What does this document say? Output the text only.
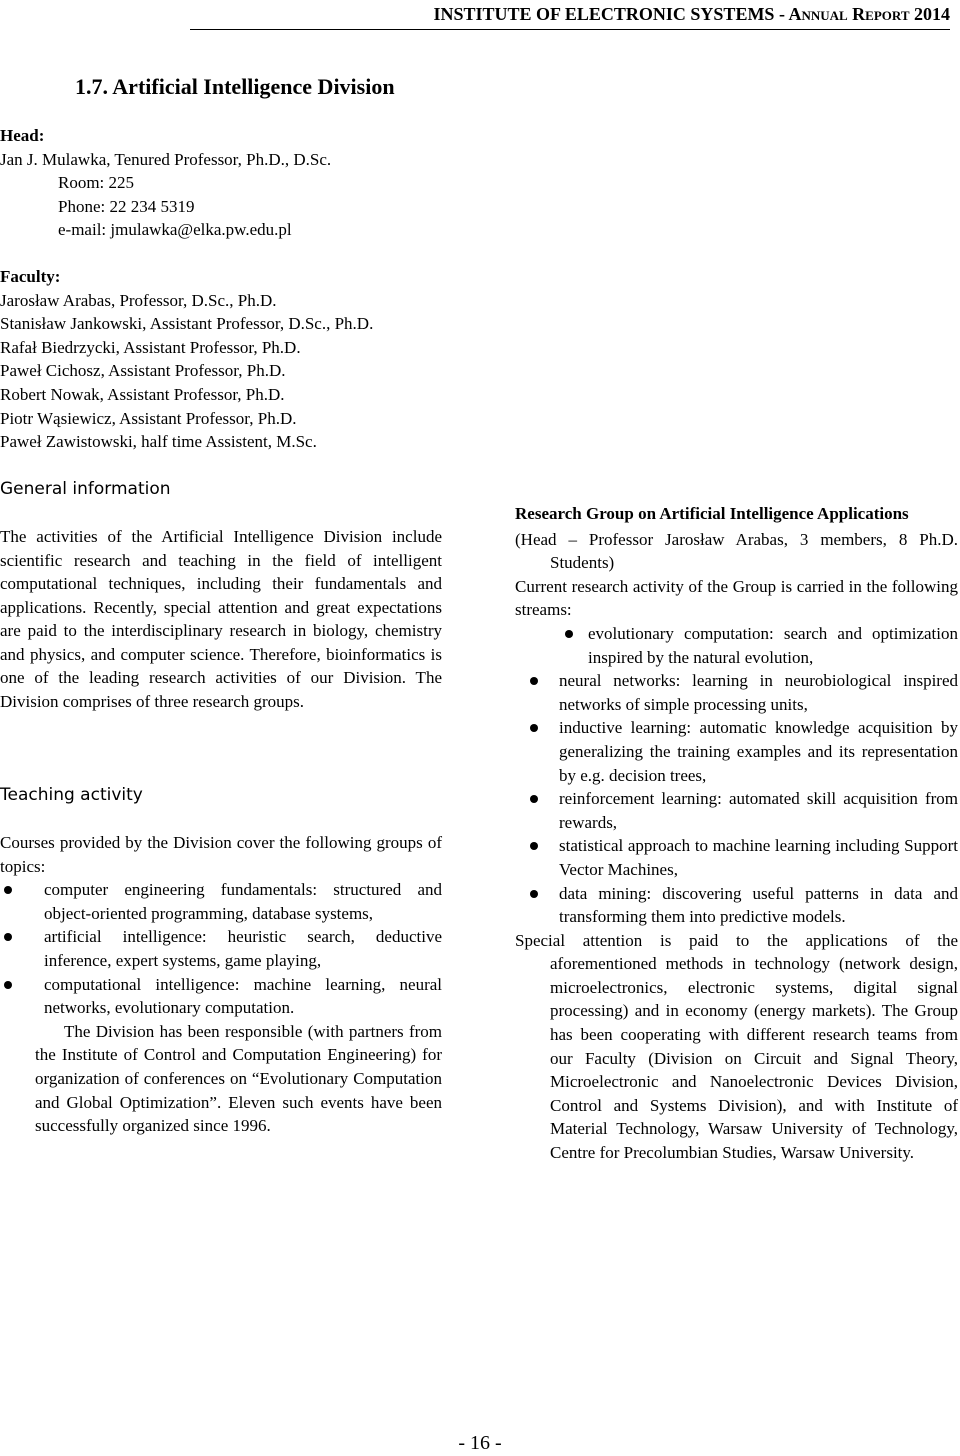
INSTITUTE OF ELECTRONIC SYSTEMS - Annual Report 2014
1.7. Artificial Intelligence Division
Head:
Jan J. Mulawka, Tenured Professor, Ph.D., D.Sc.
Room: 225
Phone: 22 234 5319
e-mail: jmulawka@elka.pw.edu.pl
Faculty:
Jarosław Arabas, Professor, D.Sc., Ph.D.
Stanisław Jankowski, Assistant Professor, D.Sc., Ph.D.
Rafał Biedrzycki, Assistant Professor, Ph.D.
Paweł Cichosz, Assistant Professor, Ph.D.
Robert Nowak, Assistant Professor, Ph.D.
Piotr Wąsiewicz, Assistant Professor, Ph.D.
Paweł Zawistowski, half time Assistent, M.Sc.
General information

The activities of the Artificial Intelligence Division include scientific research and teaching in the field of intelligent computational techniques, including their fundamentals and applications. Recently, special attention and great expectations are paid to the interdisciplinary research in biology, chemistry and physics, and computer science. Therefore, bioinformatics is one of the leading research activities of our Division. The Division comprises of three research groups.

Teaching activity

Courses provided by the Division cover the following groups of topics:

computer engineering fundamentals: structured and object-oriented programming, database systems,
artificial intelligence: heuristic search, deductive inference, expert systems, game playing,
computational intelligence: machine learning, neural networks, evolutionary computation.

The Division has been responsible (with partners from the Institute of Control and Computation Engineering) for organization of conferences on “Evolutionary Computation and Global Optimization”. Eleven such events have been successfully organized since 1996.

Research Group on Artificial Intelligence Applications

(Head – Professor Jarosław Arabas, 3 members, 8 Ph.D. Students)

Current research activity of the Group is carried in the following streams:

evolutionary computation: search and optimization inspired by the natural evolution,
neural networks: learning in neurobiological inspired networks of simple processing units,
inductive learning: automatic knowledge acquisition by generalizing the training examples and its representation by e.g. decision trees,
reinforcement learning: automated skill acquisition from rewards,
statistical approach to machine learning including Support Vector Machines,
data mining: discovering useful patterns in data and transforming them into predictive models.

Special attention is paid to the applications of the aforementioned methods in technology (network design, microelectronics, electronic systems, digital signal processing) and in economy (energy markets). The Group has been cooperating with different research teams from our Faculty (Division on Circuit and Signal Theory, Microelectronic and Nanoelectronic Devices Division, Control and Systems Division), and with Institute of Material Technology, Warsaw University of Technology, Centre for Precolumbian Studies, Warsaw University.

- 16 -
